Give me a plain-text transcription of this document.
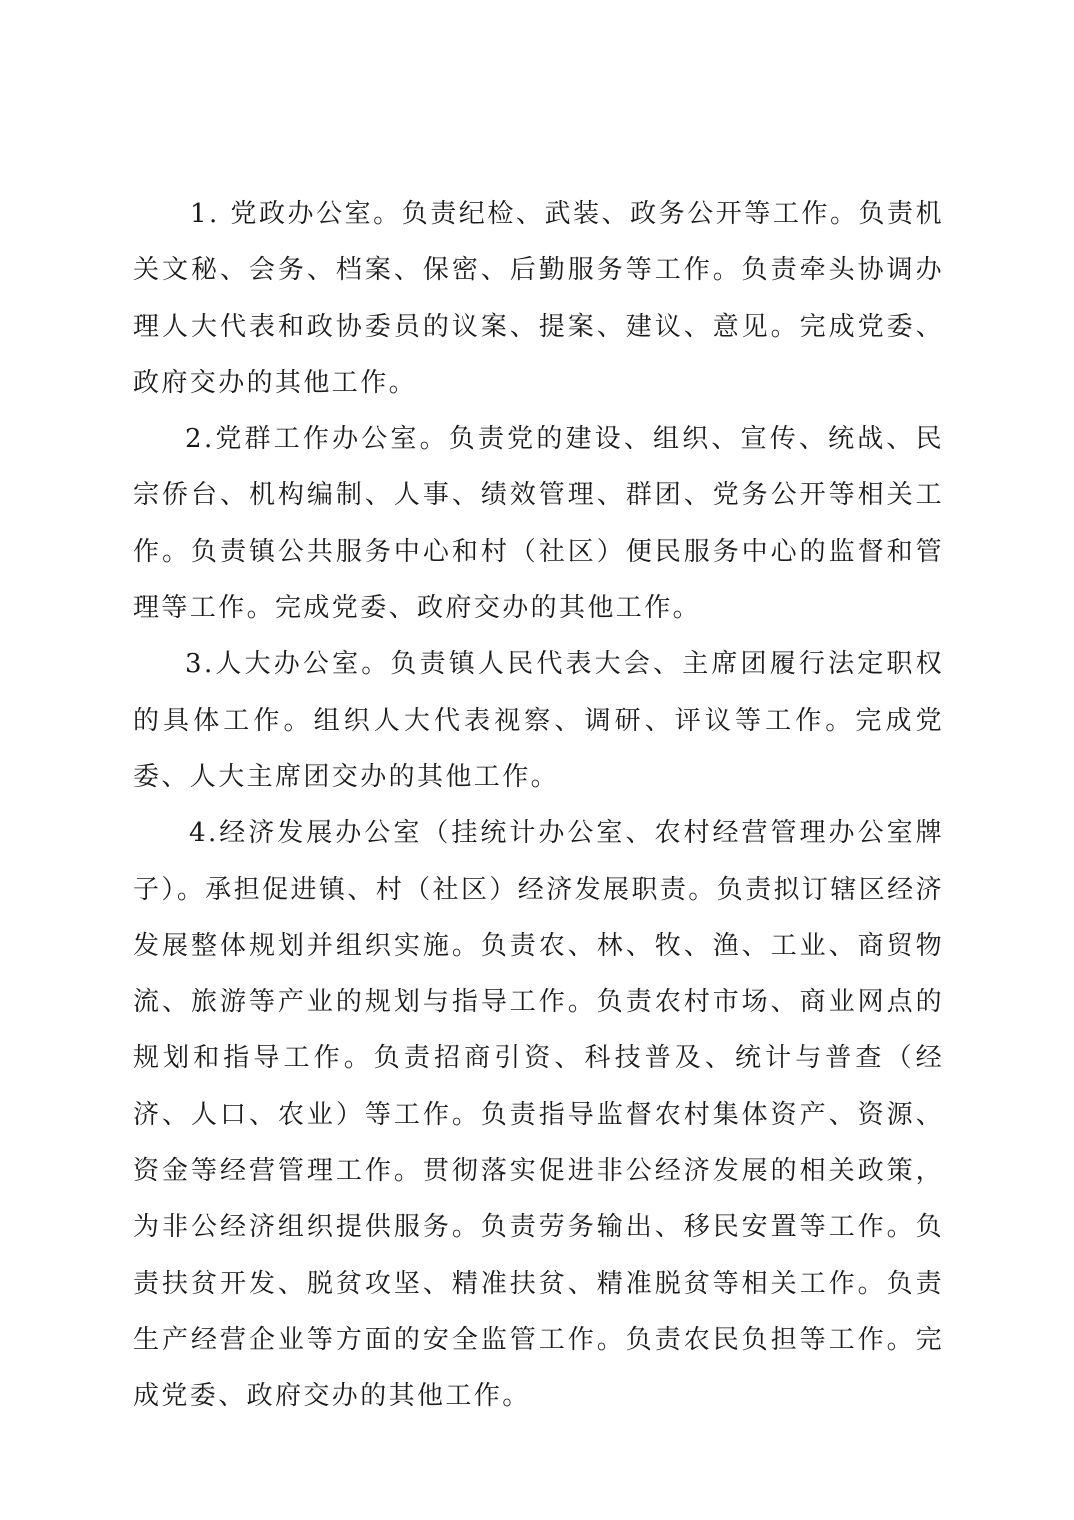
1. 党政办公室。负责纪检、武装、政务公开等工作。负责机关文秘、会务、档案、保密、后勤服务等工作。负责牵头协调办理人大代表和政协委员的议案、提案、建议、意见。完成党委、政府交办的其他工作。

2.党群工作办公室。负责党的建设、组织、宣传、统战、民宗侨台、机构编制、人事、绩效管理、群团、党务公开等相关工作。负责镇公共服务中心和村（社区）便民服务中心的监督和管理等工作。完成党委、政府交办的其他工作。

3.人大办公室。负责镇人民代表大会、主席团履行法定职权的具体工作。组织人大代表视察、调研、评议等工作。完成党委、人大主席团交办的其他工作。

4.经济发展办公室（挂统计办公室、农村经营管理办公室牌子）。承担促进镇、村（社区）经济发展职责。负责拟订辖区经济发展整体规划并组织实施。负责农、林、牧、渔、工业、商贸物流、旅游等产业的规划与指导工作。负责农村市场、商业网点的规划和指导工作。负责招商引资、科技普及、统计与普查（经济、人口、农业）等工作。负责指导监督农村集体资产、资源、资金等经营管理工作。贯彻落实促进非公经济发展的相关政策，为非公经济组织提供服务。负责劳务输出、移民安置等工作。负责扶贫开发、脱贫攻坚、精准扶贫、精准脱贫等相关工作。负责生产经营企业等方面的安全监管工作。负责农民负担等工作。完成党委、政府交办的其他工作。
